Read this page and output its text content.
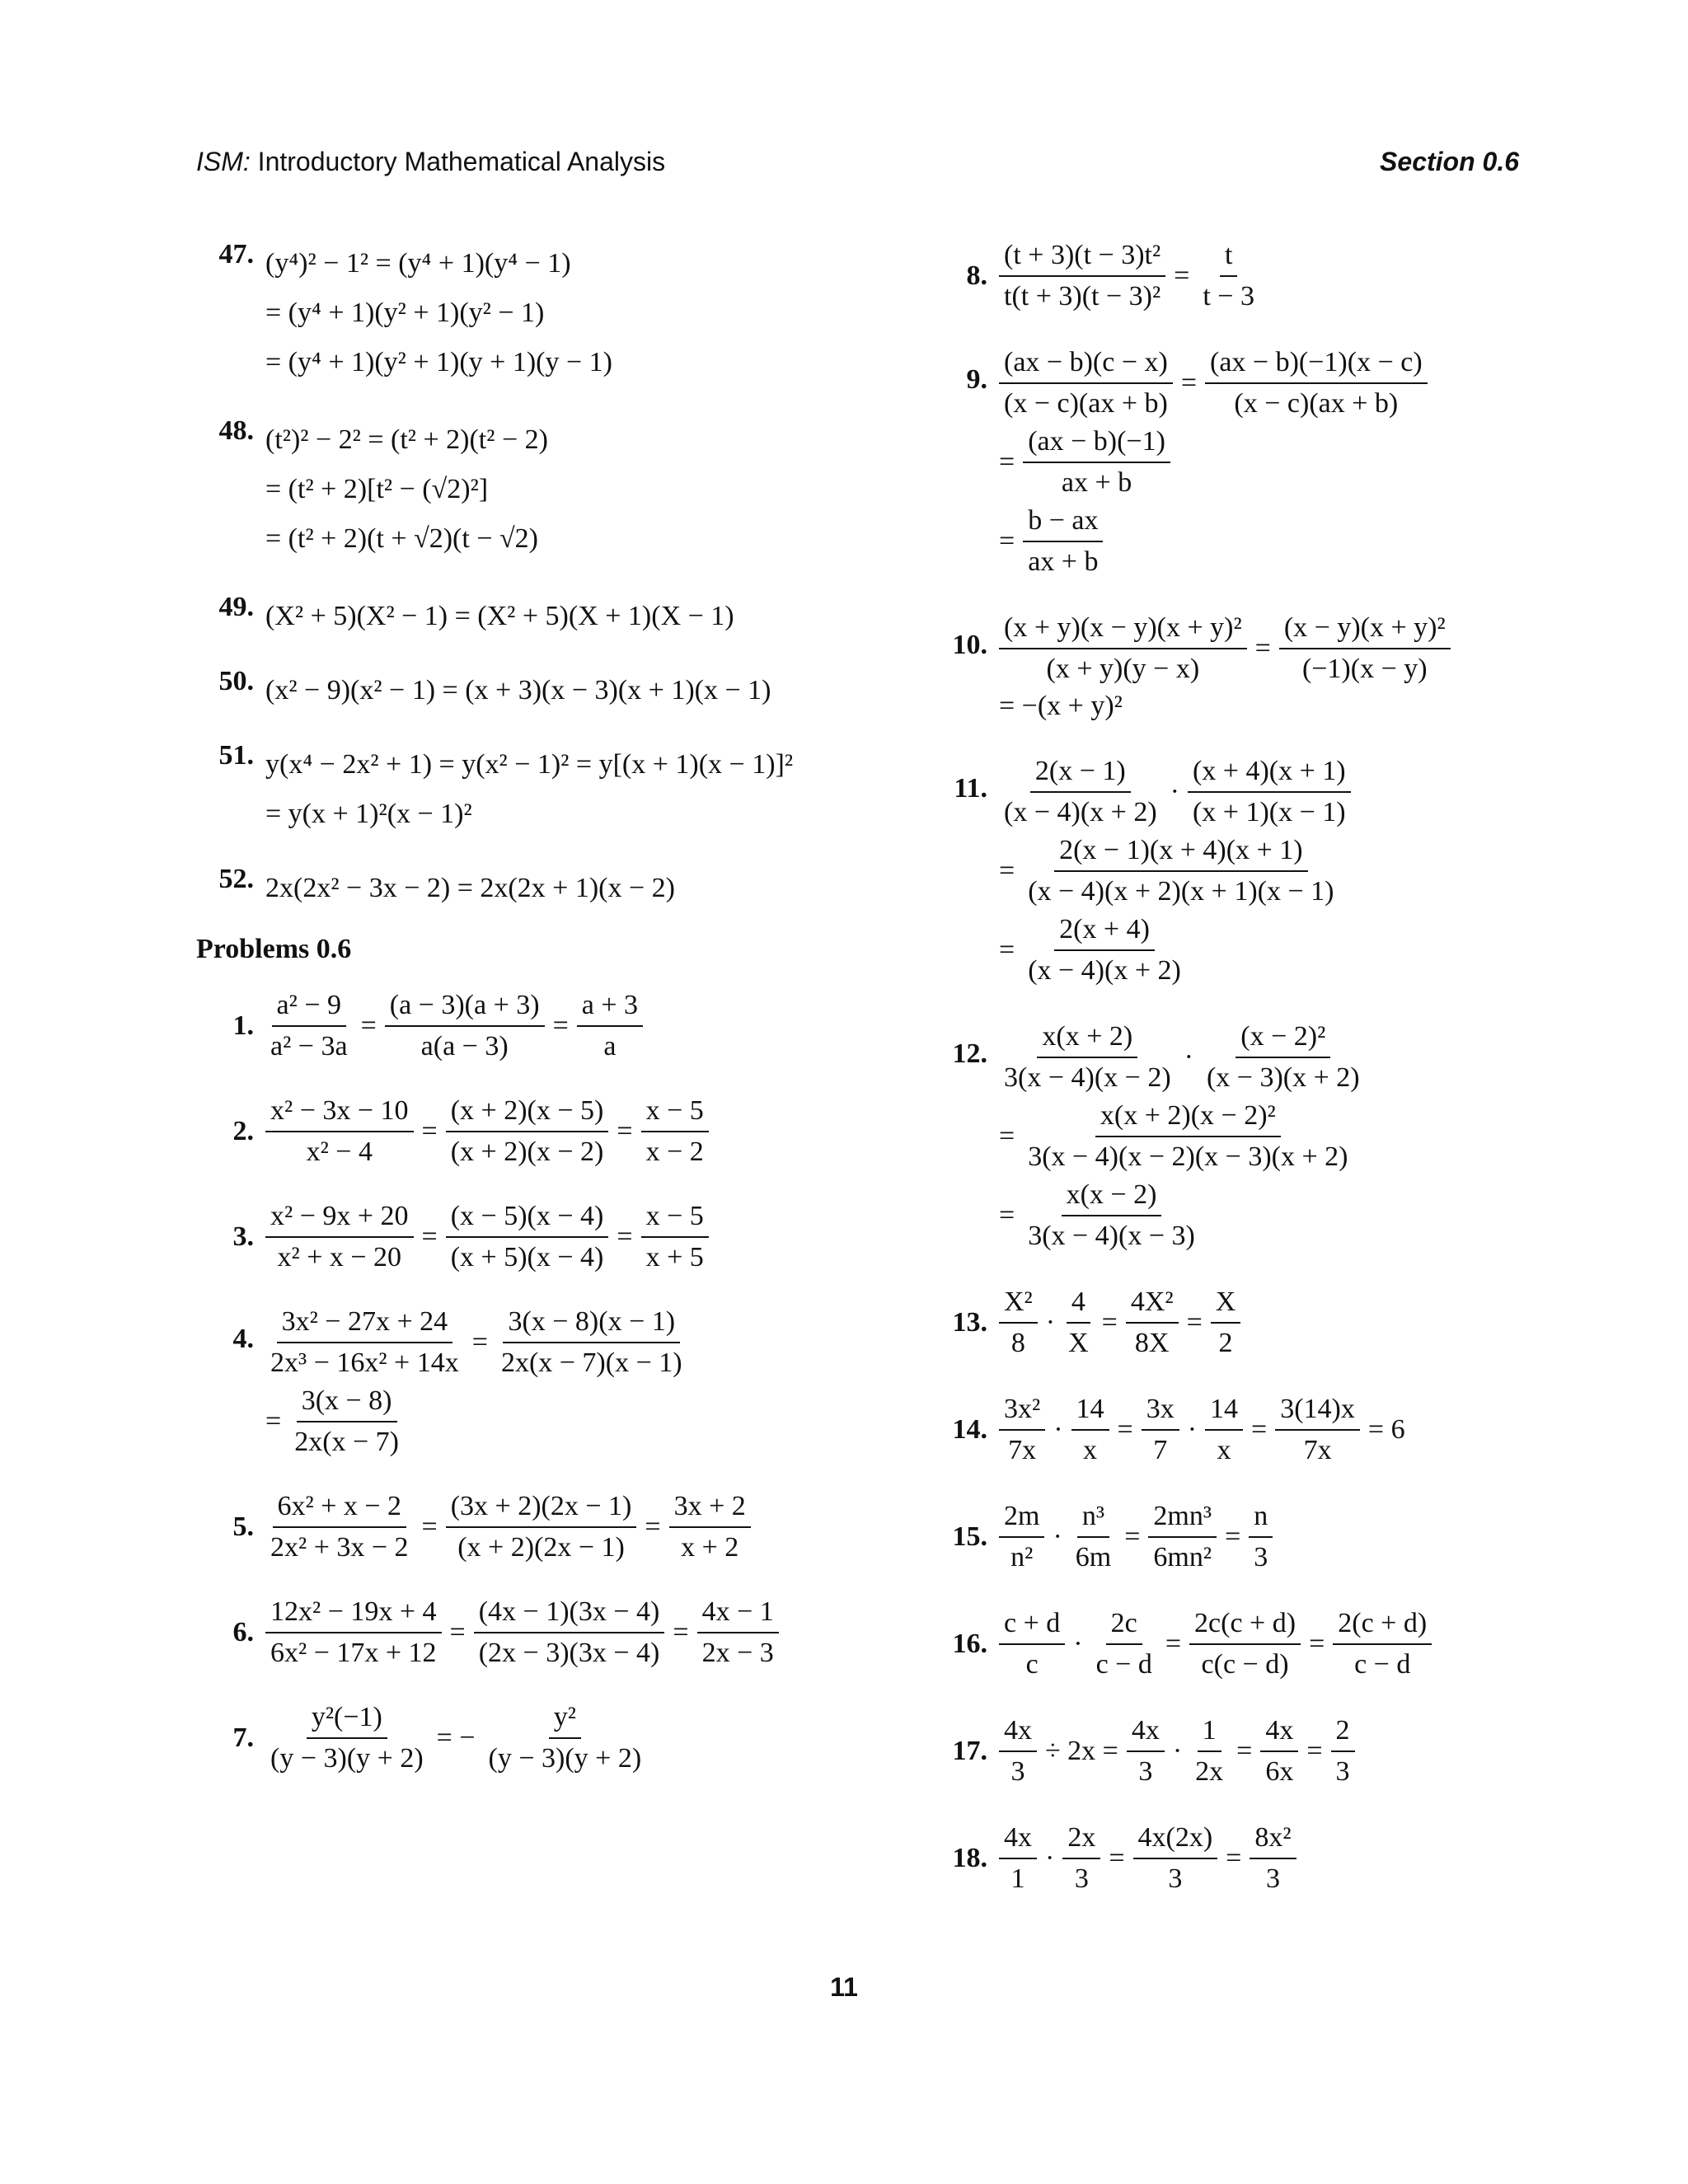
ISM: Introductory Mathematical Analysis	Section 0.6
47. (y⁴)² − 1² = (y⁴ + 1)(y⁴ − 1)
= (y⁴ + 1)(y² + 1)(y² − 1)
= (y⁴ + 1)(y² + 1)(y + 1)(y − 1)
48. (t²)² − 2² = (t² + 2)(t² − 2)
= (t² + 2)[t² − (√2)²]
= (t² + 2)(t + √2)(t − √2)
49. (X² + 5)(X² − 1) = (X² + 5)(X + 1)(X − 1)
50. (x² − 9)(x² − 1) = (x + 3)(x − 3)(x + 1)(x − 1)
51. y(x⁴ − 2x² + 1) = y(x² − 1)² = y[(x + 1)(x − 1)]²
= y(x + 1)²(x − 1)²
52. 2x(2x² − 3x − 2) = 2x(2x + 1)(x − 2)
Problems 0.6
1. $\frac{\text{a² − 9}}{\text{a² − 3a}} = \frac{(a - 3)(a + 3)}{a(a - 3)} = \frac{a + 3}{a}$
2. $\frac{\text{x² − 3x − 10}}{\text{x² − 4}} = \frac{(x + 2)(x - 5)}{(x + 2)(x - 2)} = \frac{x - 5}{x - 2}$
3. $\frac{\text{x² − 9x + 20}}{\text{x² + x − 20}} = \frac{(x - 5)(x - 4)}{(x + 5)(x - 4)} = \frac{x - 5}{x + 5}$
4. $\frac{\text{3x² − 27x + 24}}{\text{2x³ − 16x² + 14x}} = \frac{3(x - 8)(x - 1)}{2x(x - 7)(x - 1)}$
= $\frac{3(x - 8)}{2x(x - 7)}$
5. $\frac{\text{6x² + x − 2}}{\text{2x² + 3x − 2}} = \frac{(3x + 2)(2x - 1)}{(x + 2)(2x - 1)} = \frac{3x + 2}{x + 2}$
6. $\frac{\text{12x² − 19x + 4}}{\text{6x² − 17x + 12}} = \frac{(4x - 1)(3x - 4)}{(2x - 3)(3x - 4)} = \frac{4x - 1}{2x - 3}$
7. $\frac{\text{y²(−1)}}{(y - 3)(y + 2)}$ = − $\frac{\text{y²}}{(y - 3)(y + 2)}$
8. $\frac{\text{(t + 3)(t − 3)t²}}{\text{t(t + 3)(t − 3)²}} = \frac{t}{t - 3}$
9. $\frac{(ax - b)(c - x)}{(x - c)(ax + b)} = \frac{(ax - b)(-1)(x - c)}{(x - c)(ax + b)}$
= $\frac{(ax - b)(-1)}{ax + b}$
= $\frac{b - ax}{ax + b}$
10. $\frac{\text{(x + y)(x − y)(x + y)²}}{(x + y)(y - x)} = \frac{\text{(x − y)(x + y)²}}{(-1)(x - y)}$
= −(x + y)²
11. $\frac{2(x - 1)}{(x - 4)(x + 2)} \cdot \frac{(x + 4)(x + 1)}{(x + 1)(x - 1)}$
= $\frac{2(x - 1)(x + 4)(x + 1)}{(x - 4)(x + 2)(x + 1)(x - 1)}$
= $\frac{2(x + 4)}{(x - 4)(x + 2)}$
12. $\frac{x(x + 2)}{3(x - 4)(x - 2)} \cdot \frac{\text{(x − 2)²}}{(x - 3)(x + 2)}$
= $\frac{\text{x(x + 2)(x − 2)²}}{3(x - 4)(x - 2)(x - 3)(x + 2)}$
= $\frac{x(x - 2)}{3(x - 4)(x - 3)}$
13. $\frac{\text{X²}}{8} \cdot \frac{4}{X} = \frac{\text{4X²}}{8X} = \frac{X}{2}$
14. $\frac{\text{3x²}}{7x} \cdot \frac{14}{x} = \frac{3x}{7} \cdot \frac{14}{x} = \frac{3(14)x}{7x} = 6$
15. $\frac{2m}{\text{n²}} \cdot \frac{\text{n³}}{6m} = \frac{\text{2mn³}}{\text{6mn²}} = \frac{n}{3}$
16. $\frac{c + d}{c} \cdot \frac{2c}{c - d} = \frac{2c(c + d)}{c(c - d)} = \frac{2(c + d)}{c - d}$
17. $\frac{4x}{3} \div 2x = \frac{4x}{3} \cdot \frac{1}{2x} = \frac{4x}{6x} = \frac{2}{3}$
18. $\frac{4x}{1} \cdot \frac{2x}{3} = \frac{4x(2x)}{3} = \frac{\text{8x²}}{3}$
11
